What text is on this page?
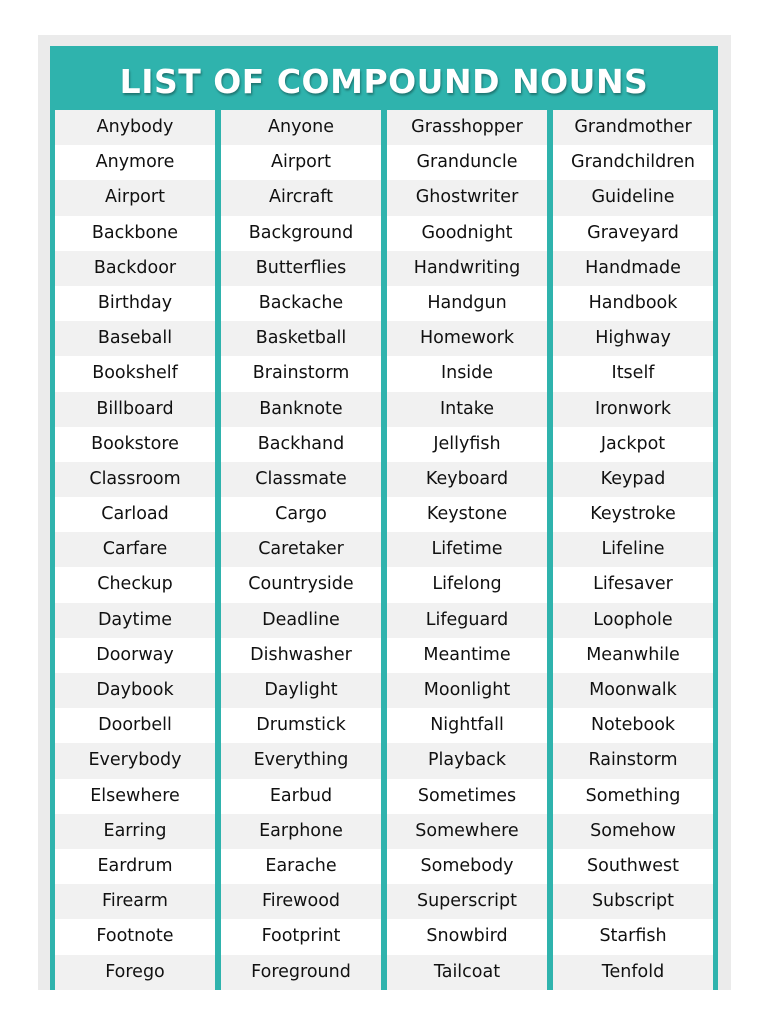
LIST OF COMPOUND NOUNS
Anybody
Anymore
Airport
Backbone
Backdoor
Birthday
Baseball
Bookshelf
Billboard
Bookstore
Classroom
Carload
Carfare
Checkup
Daytime
Doorway
Daybook
Doorbell
Everybody
Elsewhere
Earring
Eardrum
Firearm
Footnote
Forego
Anyone
Airport
Aircraft
Background
Butterflies
Backache
Basketball
Brainstorm
Banknote
Backhand
Classmate
Cargo
Caretaker
Countryside
Deadline
Dishwasher
Daylight
Drumstick
Everything
Earbud
Earphone
Earache
Firewood
Footprint
Foreground
Grasshopper
Granduncle
Ghostwriter
Goodnight
Handwriting
Handgun
Homework
Inside
Intake
Jellyfish
Keyboard
Keystone
Lifetime
Lifelong
Lifeguard
Meantime
Moonlight
Nightfall
Playback
Sometimes
Somewhere
Somebody
Superscript
Snowbird
Tailcoat
Grandmother
Grandchildren
Guideline
Graveyard
Handmade
Handbook
Highway
Itself
Ironwork
Jackpot
Keypad
Keystroke
Lifeline
Lifesaver
Loophole
Meanwhile
Moonwalk
Notebook
Rainstorm
Something
Somehow
Southwest
Subscript
Starfish
Tenfold
